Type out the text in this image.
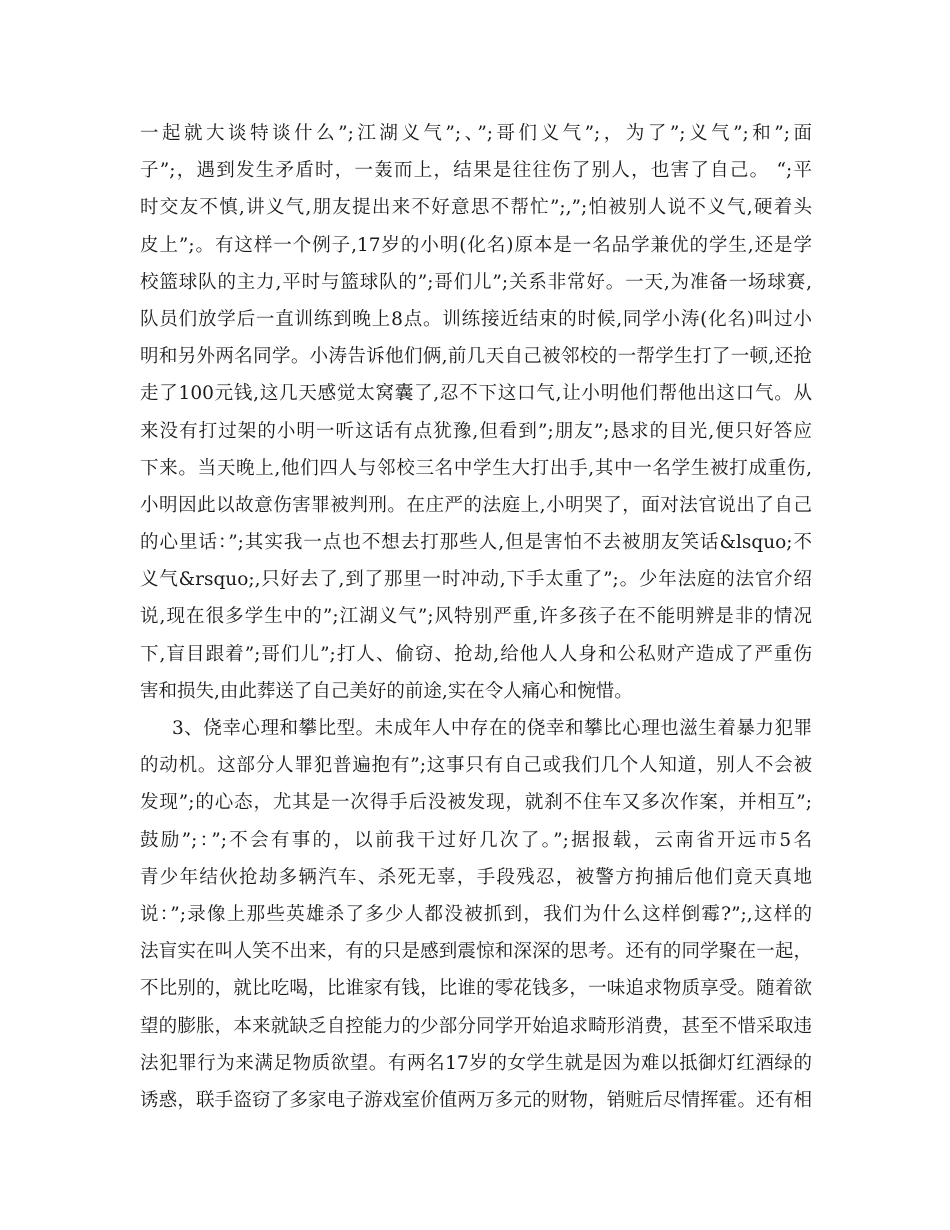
一起就大谈特谈什么”;江湖义气”;、”;哥们义气”;，为了”;义气”;和”;面
子”;，遇到发生矛盾时，一轰而上，结果是往往伤了别人，也害了自己。 “;平
时交友不慎,讲义气,朋友提出来不好意思不帮忙”;,”;怕被别人说不义气,硬着头
皮上”;。有这样一个例子,17岁的小明(化名)原本是一名品学兼优的学生,还是学
校篮球队的主力,平时与篮球队的”;哥们儿”;关系非常好。一天,为准备一场球赛,
队员们放学后一直训练到晚上8点。训练接近结束的时候,同学小涛(化名)叫过小
明和另外两名同学。小涛告诉他们俩,前几天自己被邻校的一帮学生打了一顿,还抢
走了100元钱,这几天感觉太窝囊了,忍不下这口气,让小明他们帮他出这口气。从
来没有打过架的小明一听这话有点犹豫,但看到”;朋友”;恳求的目光,便只好答应
下来。当天晚上,他们四人与邻校三名中学生大打出手,其中一名学生被打成重伤,
小明因此以故意伤害罪被判刑。在庄严的法庭上,小明哭了，面对法官说出了自己
的心里话：”;其实我一点也不想去打那些人,但是害怕不去被朋友笑话&lsquo;不
义气&rsquo;,只好去了,到了那里一时冲动,下手太重了”;。少年法庭的法官介绍
说,现在很多学生中的”;江湖义气”;风特别严重,许多孩子在不能明辨是非的情况
下,盲目跟着”;哥们儿”;打人、偷窃、抢劫,给他人人身和公私财产造成了严重伤
害和损失,由此葬送了自己美好的前途,实在令人痛心和惋惜。
3、侥幸心理和攀比型。未成年人中存在的侥幸和攀比心理也滋生着暴力犯罪
的动机。这部分人罪犯普遍抱有”;这事只有自己或我们几个人知道，别人不会被
发现”;的心态，尤其是一次得手后没被发现，就刹不住车又多次作案，并相互”;
鼓励”;：”;不会有事的，以前我干过好几次了。”;据报载，云南省开远市5名
青少年结伙抢劫多辆汽车、杀死无辜，手段残忍，被警方拘捕后他们竟天真地
说：”;录像上那些英雄杀了多少人都没被抓到，我们为什么这样倒霉?”;,这样的
法盲实在叫人笑不出来，有的只是感到震惊和深深的思考。还有的同学聚在一起，
不比别的，就比吃喝，比谁家有钱，比谁的零花钱多，一味追求物质享受。随着欲
望的膨胀，本来就缺乏自控能力的少部分同学开始追求畸形消费，甚至不惜采取违
法犯罪行为来满足物质欲望。有两名17岁的女学生就是因为难以抵御灯红酒绿的
诱惑，联手盗窃了多家电子游戏室价值两万多元的财物，销赃后尽情挥霍。还有相
